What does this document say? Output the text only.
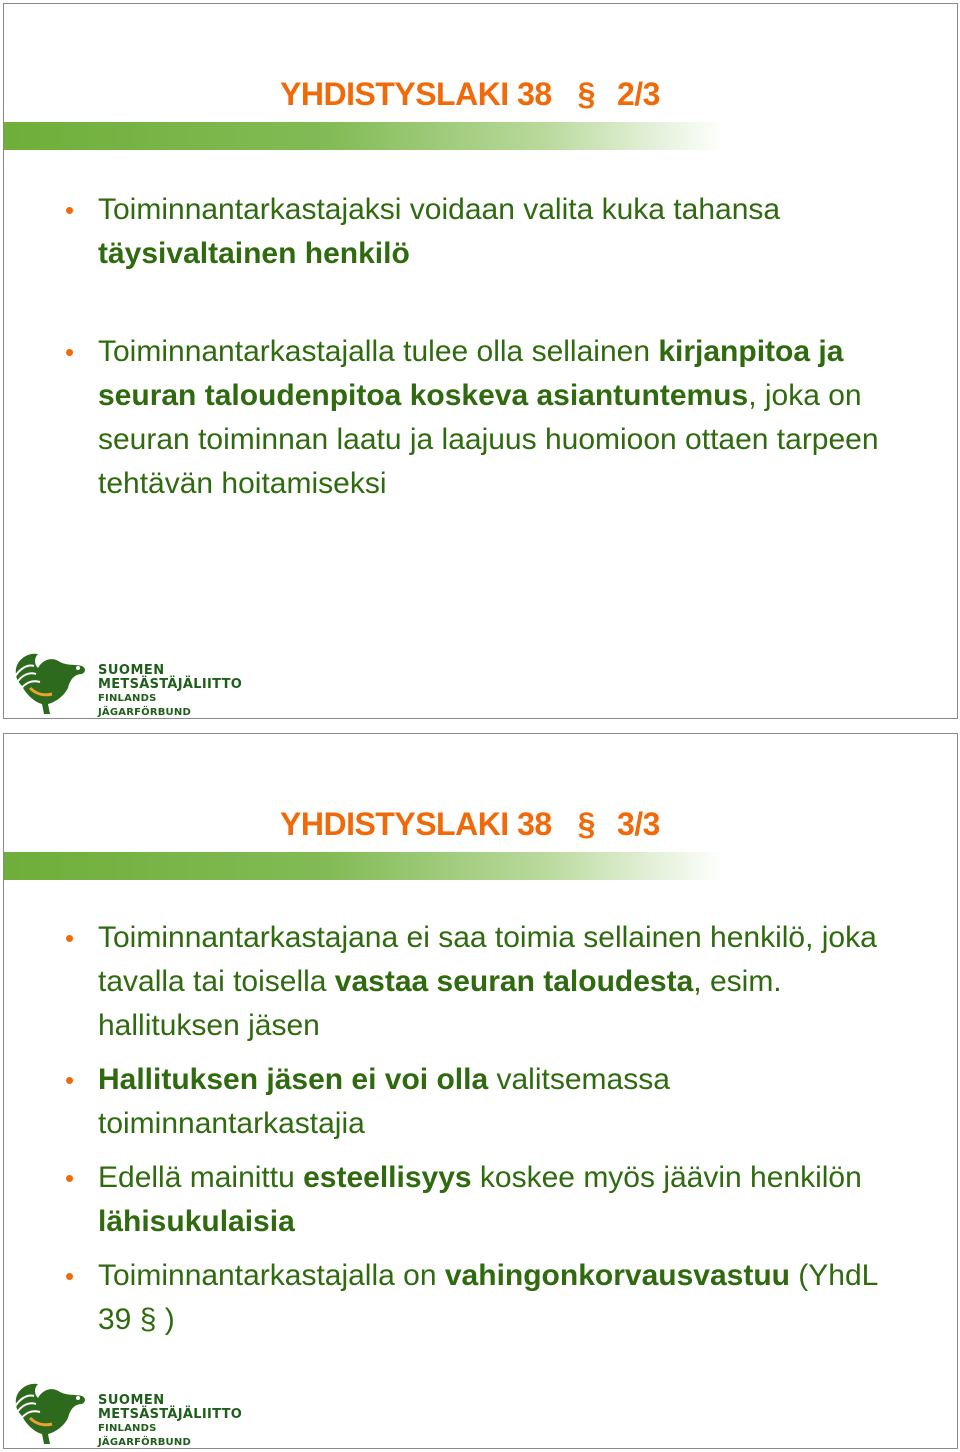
YHDISTYSLAKI 38 § 2/3
• Toiminnantarkastajaksi voidaan valita kuka tahansa täysivaltainen henkilö
• Toiminnantarkastajalla tulee olla sellainen kirjanpitoa ja seuran taloudenpitoa koskeva asiantuntemus, joka on seuran toiminnan laatu ja laajuus huomioon ottaen tarpeen tehtävän hoitamiseksi
SUOMEN
METSÄSTÄJÄLIITTO
FINLANDS JÄGARFÖRBUND
YHDISTYSLAKI 38 § 3/3
• Toiminnantarkastajana ei saa toimia sellainen henkilö, joka tavalla tai toisella vastaa seuran taloudesta, esim. hallituksen jäsen
• Hallituksen jäsen ei voi olla valitsemassa toiminnantarkastajia
• Edellä mainittu esteellisyys koskee myös jäävin henkilön lähisukulaisia
• Toiminnantarkastajalla on vahingonkorvausvastuu (YhdL 39 § )
SUOMEN
METSÄSTÄJÄLIITTO
FINLANDS JÄGARFÖRBUND
